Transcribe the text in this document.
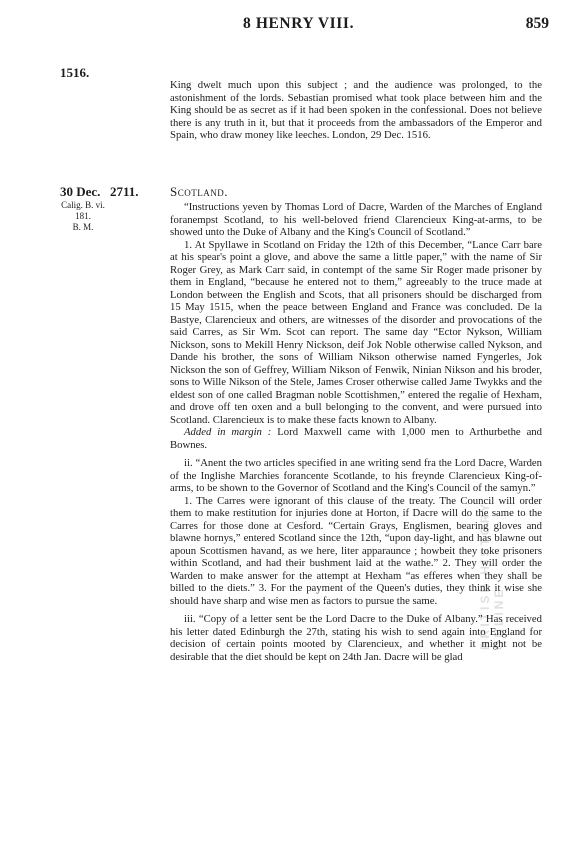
8 HENRY VIII.	859
1516.

King dwelt much upon this subject ; and the audience was prolonged, to the astonishment of the lords. Sebastian promised what took place between him and the King should be as secret as if it had been spoken in the confessional. Does not believe there is any truth in it, but that it proceeds from the ambassadors of the Emperor and Spain, who draw money like leeches. London, 29 Dec. 1516.

30 Dec. 2711. Scotland.
Calig. B. vi. 181.
B. M.

“Instructions yeven by Thomas Lord of Dacre, Warden of the Marches of England foranempst Scotland, to his well-beloved friend Clarencieux King-at-arms, to be showed unto the Duke of Albany and the King's Council of Scotland.”

1. At Spyllawe in Scotland on Friday the 12th of this December, “Lance Carr bare at his spear's point a glove, and above the same a little paper,” with the name of Sir Roger Grey, as Mark Carr said, in contempt of the same Sir Roger made prisoner by them in England, “because he entered not to them,” agreeably to the truce made at London between the English and Scots, that all prisoners should be discharged from 15 May 1515, when the peace between England and France was concluded. De la Bastye, Clarencieux and others, are witnesses of the disorder and provocations of the said Carres, as Sir Wm. Scot can report. The same day “Ector Nykson, William Nickson, sons to Mekill Henry Nickson, deif Jok Noble otherwise called Nykson, and Dande his brother, the sons of William Nikson otherwise named Fyngerles, Jok Nickson the son of Geffrey, William Nikson of Fenwik, Ninian Nikson and his broder, sons to Wille Nikson of the Stele, James Croser otherwise called Jame Twykks and the eldest son of one called Bragman noble Scottishmen,” entered the regalie of Hexham, and drove off ten oxen and a bull belonging to the convent, and were pursued into Scotland. Clarencieux is to make these facts known to Albany.

Added in margin : Lord Maxwell came with 1,000 men to Arthurbethe and Bownes.

ii. “Anent the two articles specified in ane writing send fra the Lord Dacre, Warden of the Inglishe Marchies forancente Scotlande, to his freynde Clarencieux King-of-arms, to be shown to the Governor of Scotland and the King's Council of the samyn.”

1. The Carres were ignorant of this clause of the treaty. The Council will order them to make restitution for injuries done at Horton, if Dacre will do the same to the Carres for those done at Cesford. “Certain Grays, Englismen, bearing gloves and blawne hornys,” entered Scotland since the 12th, “upon day-light, and has blawne out apoun Scottismen havand, as we here, liter apparaunce ; howbeit they toke prisoners within Scotland, and had their bushment laid at the wathe.” 2. They will order the Warden to make answer for the attempt at Hexham “as efferes when they shall be billed to the diets.” 3. For the payment of the Queen's duties, they think it wise she should have sharp and wise men as factors to pursue the same.

iii. “Copy of a letter sent be the Lord Dacre to the Duke of Albany.” Has received his letter dated Edinburgh the 27th, stating his wish to send again into England for decision of certain points mooted by Clarencieux, and whether it might not be desirable that the diet should be kept on 24th Jan. Dacre will be glad

BRITISH HISTORY ONLINE
